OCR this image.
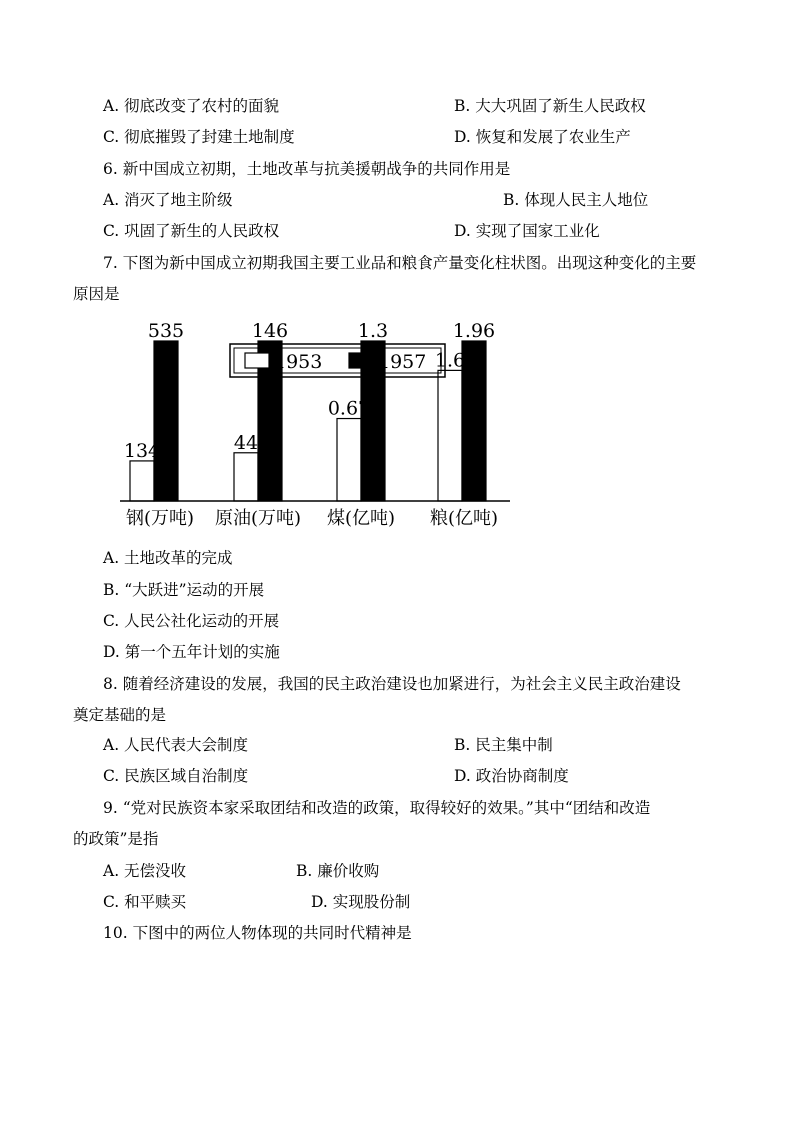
A. 彻底改变了农村的面貌	B. 大大巩固了新生人民政权
C. 彻底摧毁了封建土地制度	D. 恢复和发展了农业生产
6. 新中国成立初期，土地改革与抗美援朝战争的共同作用是
A. 消灭了地主阶级	B. 体现人民主人地位
C. 巩固了新生的人民政权	D. 实现了国家工业化
7. 下图为新中国成立初期我国主要工业品和粮食产量变化柱状图。出现这种变化的主要
原因是
134
535
44
146
0.67
1.3
1.6
1.96
钢(万吨) 原油(万吨) 煤(亿吨) 粮(亿吨)
1953	1957
A. 土地改革的完成
B. “大跃进”运动的开展
C. 人民公社化运动的开展
D. 第一个五年计划的实施
8. 随着经济建设的发展，我国的民主政治建设也加紧进行，为社会主义民主政治建设
奠定基础的是
A. 人民代表大会制度	B. 民主集中制
C. 民族区域自治制度	D. 政治协商制度
9. “党对民族资本家采取团结和改造的政策，取得较好的效果。”其中“团结和改造
的政策”是指
A. 无偿没收	B. 廉价收购
C. 和平赎买	D. 实现股份制
10. 下图中的两位人物体现的共同时代精神是
